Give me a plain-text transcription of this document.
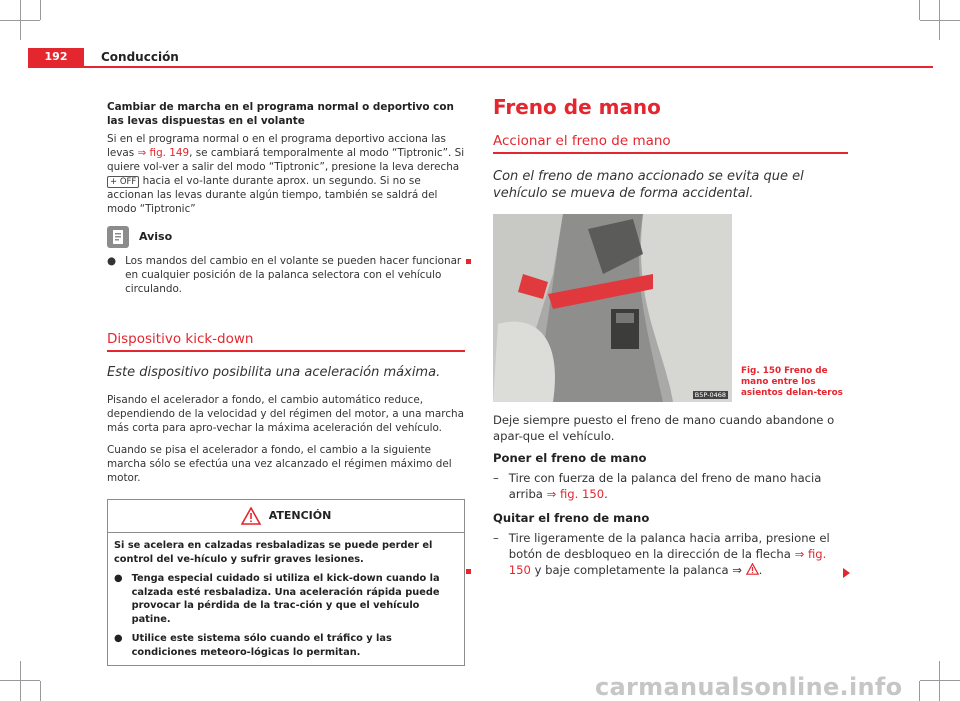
192	Conducción

Cambiar de marcha en el programa normal o deportivo con las levas dispuestas en el volante

Si en el programa normal o en el programa deportivo acciona las levas ⇒ fig. 149, se cambiará temporalmente al modo “Tiptronic”. Si quiere vol-ver a salir del modo “Tiptronic”, presione la leva derecha + OFF hacia el vo-lante durante aprox. un segundo. Si no se accionan las levas durante algún tiempo, también se saldrá del modo “Tiptronic”

Aviso
● Los mandos del cambio en el volante se pueden hacer funcionar en cualquier posición de la palanca selectora con el vehículo circulando.
Dispositivo kick-down

Este dispositivo posibilita una aceleración máxima.

Pisando el acelerador a fondo, el cambio automático reduce, dependiendo de la velocidad y del régimen del motor, a una marcha más corta para apro-vechar la máxima aceleración del vehículo.

Cuando se pisa el acelerador a fondo, el cambio a la siguiente marcha sólo se efectúa una vez alcanzado el régimen máximo del motor.

ATENCIÓN

Si se acelera en calzadas resbaladizas se puede perder el control del ve-hículo y sufrir graves lesiones.

● Tenga especial cuidado si utiliza el kick-down cuando la calzada esté resbaladiza. Una aceleración rápida puede provocar la pérdida de la trac-ción y que el vehículo patine.
● Utilice este sistema sólo cuando el tráfico y las condiciones meteoro-lógicas lo permitan.
Freno de mano
Accionar el freno de mano

Con el freno de mano accionado se evita que el vehículo se mueva de forma accidental.

B5P-0468
Fig. 150 Freno de mano entre los asientos delan-teros

Deje siempre puesto el freno de mano cuando abandone o apar-que el vehículo.

Poner el freno de mano

– Tire con fuerza de la palanca del freno de mano hacia arriba ⇒ fig. 150.

Quitar el freno de mano

– Tire ligeramente de la palanca hacia arriba, presione el botón de desbloqueo en la dirección de la flecha ⇒ fig. 150 y baje completamente la palanca ⇒ .
carmanualsonline.info
